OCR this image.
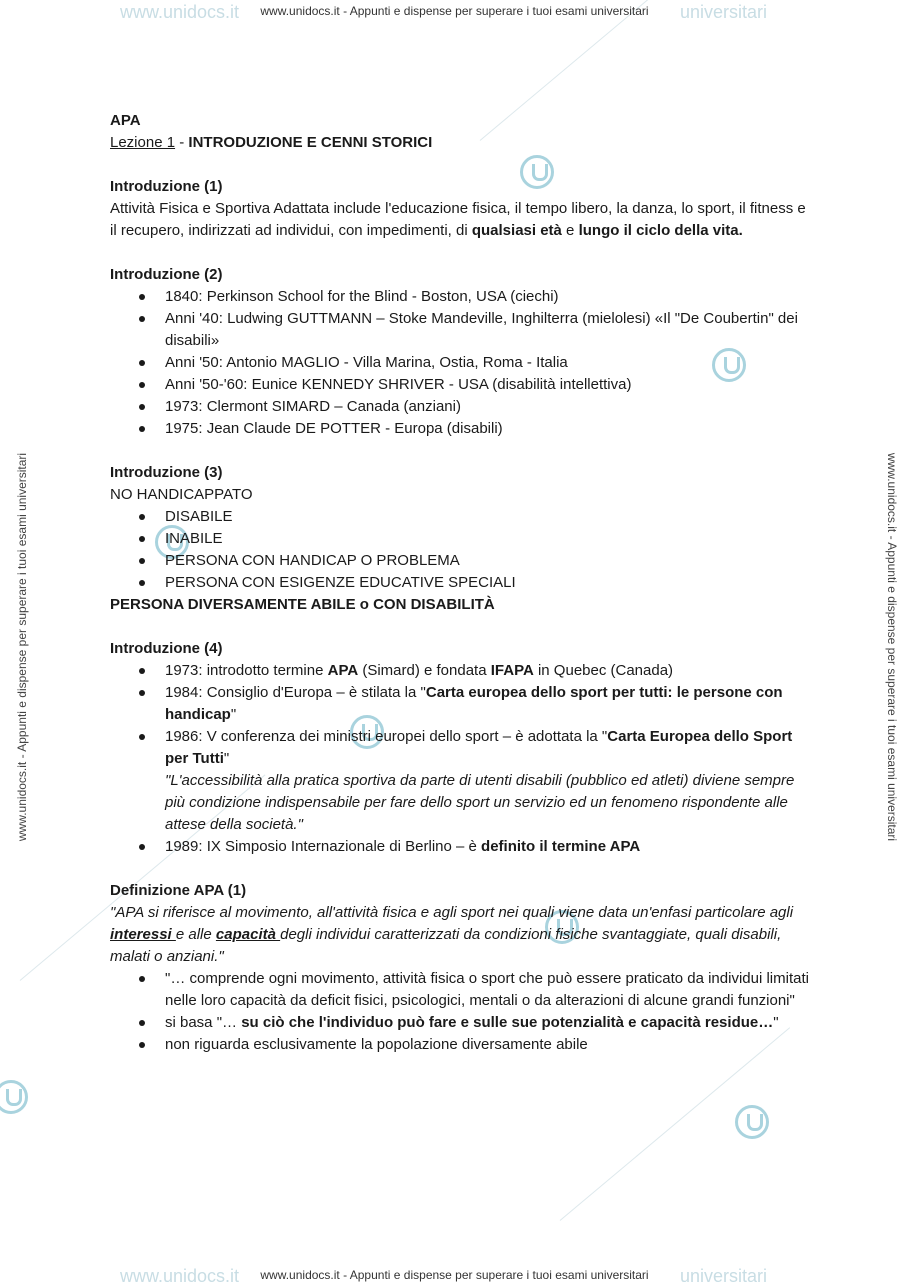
www.unidocs.it	universitari
www.unidocs.it	universitari
www.unidocs.it - Appunti e dispense per superare i tuoi esami universitari
www.unidocs.it - Appunti e dispense per superare i tuoi esami universitari
www.unidocs.it - Appunti e dispense per superare i tuoi esami universitari	www.unidocs.it - Appunti e dispense per superare i tuoi esami universitari

APA

Lezione 1 - INTRODUZIONE E CENNI STORICI

Introduzione (1)

Attività Fisica e Sportiva Adattata include l'educazione fisica, il tempo libero, la danza, lo sport, il fitness e il recupero, indirizzati ad individui, con impedimenti, di qualsiasi età e lungo il ciclo della vita.

Introduzione (2)

1840: Perkinson School for the Blind - Boston, USA (ciechi)
Anni '40: Ludwing GUTTMANN – Stoke Mandeville, Inghilterra (mielolesi) «Il "De Coubertin" dei disabili»
Anni '50: Antonio MAGLIO - Villa Marina, Ostia, Roma - Italia
Anni '50-'60: Eunice KENNEDY SHRIVER - USA (disabilità intellettiva)
1973: Clermont SIMARD – Canada (anziani)
1975: Jean Claude DE POTTER - Europa (disabili)

Introduzione (3)

NO HANDICAPPATO

DISABILE
INABILE
PERSONA CON HANDICAP O PROBLEMA
PERSONA CON ESIGENZE EDUCATIVE SPECIALI

PERSONA DIVERSAMENTE ABILE o CON DISABILITÀ

Introduzione (4)

1973: introdotto termine APA (Simard) e fondata IFAPA in Quebec (Canada)
1984: Consiglio d'Europa – è stilata la "Carta europea dello sport per tutti: le persone con handicap"
1986: V conferenza dei ministri europei dello sport – è adottata la "Carta Europea dello Sport per Tutti"
"L'accessibilità alla pratica sportiva da parte di utenti disabili (pubblico ed atleti) diviene sempre più condizione indispensabile per fare dello sport un servizio ed un fenomeno rispondente alle attese della società."
1989: IX Simposio Internazionale di Berlino – è definito il termine APA

Definizione APA (1)

"APA si riferisce al movimento, all'attività fisica e agli sport nei quali viene data un'enfasi particolare agli interessi e alle capacità degli individui caratterizzati da condizioni fisiche svantaggiate, quali disabili, malati o anziani."

"… comprende ogni movimento, attività fisica o sport che può essere praticato da individui limitati nelle loro capacità da deficit fisici, psicologici, mentali o da alterazioni di alcune grandi funzioni"
si basa "… su ciò che l'individuo può fare e sulle sue potenzialità e capacità residue…"
non riguarda esclusivamente la popolazione diversamente abile
